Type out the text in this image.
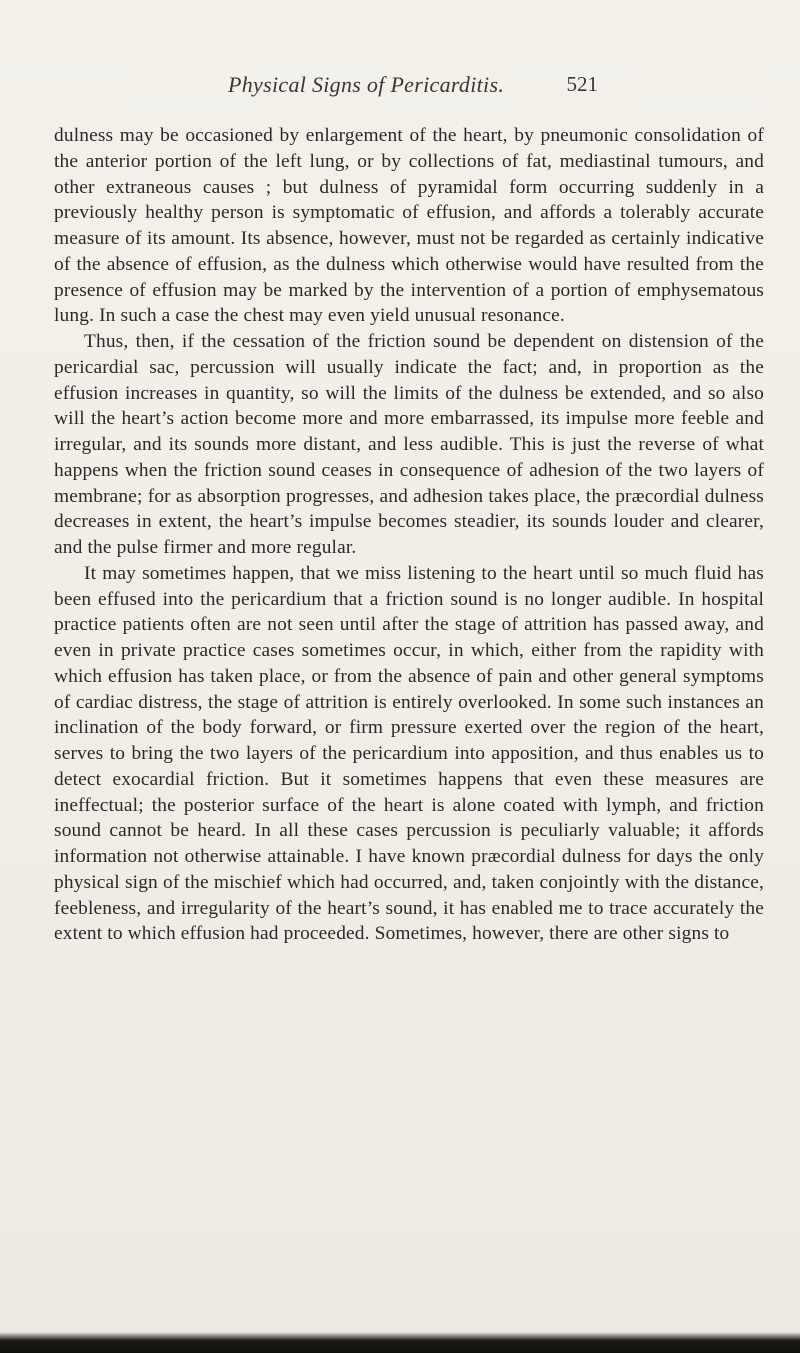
Physical Signs of Pericarditis.	521

dulness may be occasioned by enlargement of the heart, by pneumonic consolidation of the anterior portion of the left lung, or by collections of fat, mediastinal tumours, and other extraneous causes ; but dulness of pyramidal form occurring suddenly in a previously healthy person is symptomatic of effusion, and affords a tolerably accurate measure of its amount. Its absence, however, must not be regarded as certainly indicative of the absence of effusion, as the dulness which otherwise would have resulted from the presence of effusion may be marked by the intervention of a portion of emphysematous lung. In such a case the chest may even yield unusual resonance.

Thus, then, if the cessation of the friction sound be dependent on distension of the pericardial sac, percussion will usually indicate the fact; and, in proportion as the effusion increases in quantity, so will the limits of the dulness be extended, and so also will the heart’s action become more and more embarrassed, its impulse more feeble and irregular, and its sounds more distant, and less audible. This is just the reverse of what happens when the friction sound ceases in consequence of adhesion of the two layers of membrane; for as absorption progresses, and adhesion takes place, the præcordial dulness decreases in extent, the heart’s impulse becomes steadier, its sounds louder and clearer, and the pulse firmer and more regular.

It may sometimes happen, that we miss listening to the heart until so much fluid has been effused into the pericardium that a friction sound is no longer audible. In hospital practice patients often are not seen until after the stage of attrition has passed away, and even in private practice cases sometimes occur, in which, either from the rapidity with which effusion has taken place, or from the absence of pain and other general symptoms of cardiac distress, the stage of attrition is entirely overlooked. In some such instances an inclination of the body forward, or firm pressure exerted over the region of the heart, serves to bring the two layers of the pericardium into apposition, and thus enables us to detect exocardial friction. But it sometimes happens that even these measures are ineffectual; the posterior surface of the heart is alone coated with lymph, and friction sound cannot be heard. In all these cases percussion is peculiarly valuable; it affords information not otherwise attainable. I have known præcordial dulness for days the only physical sign of the mischief which had occurred, and, taken conjointly with the distance, feebleness, and irregularity of the heart’s sound, it has enabled me to trace accurately the extent to which effusion had proceeded. Sometimes, however, there are other signs to
